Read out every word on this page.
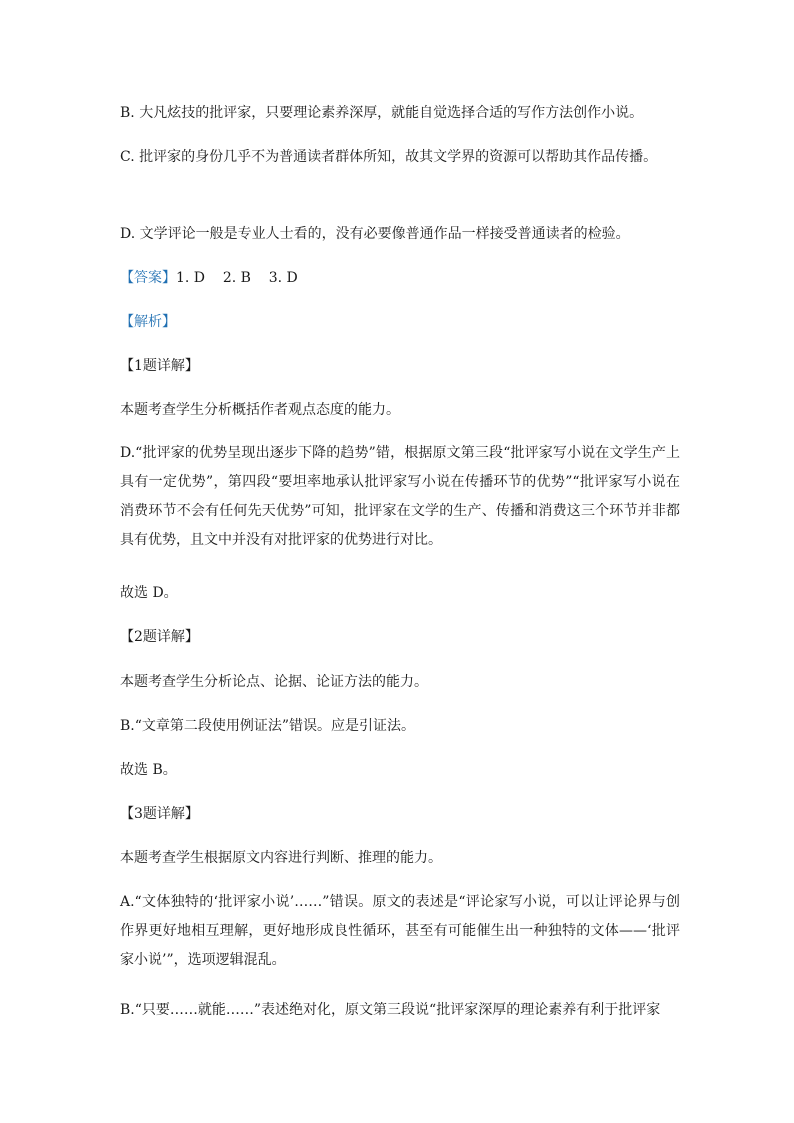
B. 大凡炫技的批评家，只要理论素养深厚，就能自觉选择合适的写作方法创作小说。
C. 批评家的身份几乎不为普通读者群体所知，故其文学界的资源可以帮助其作品传播。
D. 文学评论一般是专业人士看的，没有必要像普通作品一样接受普通读者的检验。
【答案】1. D    2. B    3. D
【解析】
【1题详解】
本题考查学生分析概括作者观点态度的能力。
D.“批评家的优势呈现出逐步下降的趋势”错，根据原文第三段“批评家写小说在文学生产上具有一定优势”，第四段“要坦率地承认批评家写小说在传播环节的优势”“批评家写小说在消费环节不会有任何先天优势”可知，批评家在文学的生产、传播和消费这三个环节并非都具有优势，且文中并没有对批评家的优势进行对比。
故选 D。
【2题详解】
本题考查学生分析论点、论据、论证方法的能力。
B.“文章第二段使用例证法”错误。应是引证法。
故选 B。
【3题详解】
本题考查学生根据原文内容进行判断、推理的能力。
A.“文体独特的‘批评家小说’……”错误。原文的表述是“评论家写小说，可以让评论界与创作界更好地相互理解，更好地形成良性循环，甚至有可能催生出一种独特的文体——‘批评家小说’”，选项逻辑混乱。
B.“只要……就能……”表述绝对化，原文第三段说“批评家深厚的理论素养有利于批评家
